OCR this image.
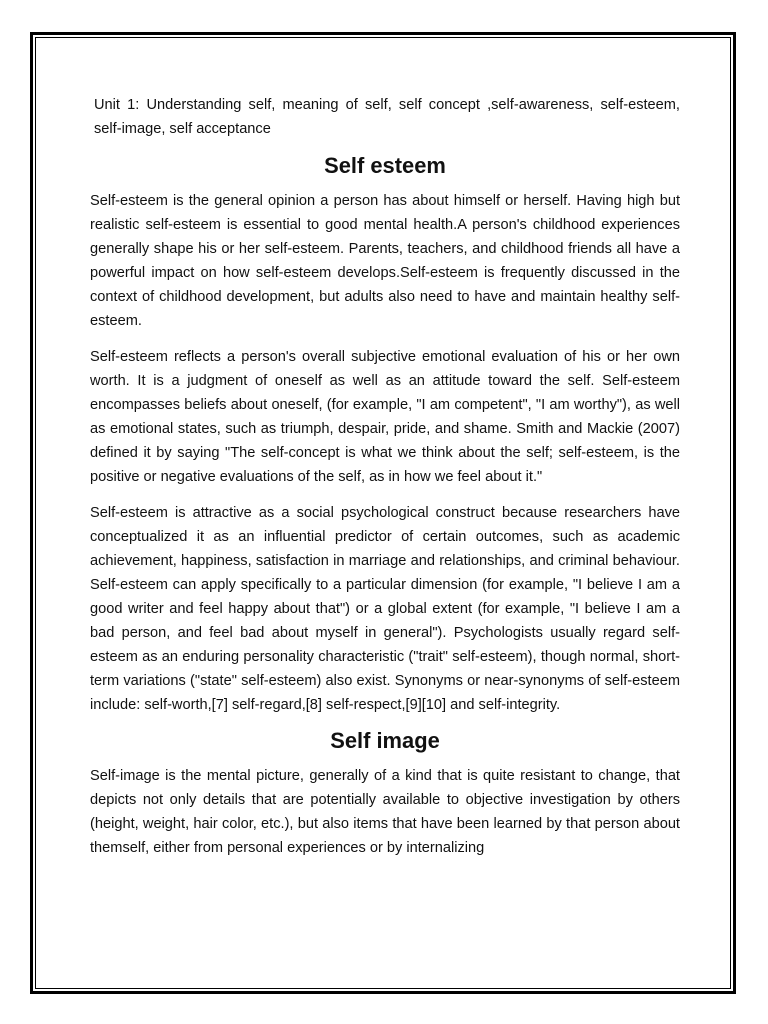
Unit 1: Understanding self, meaning of self, self concept ,self-awareness, self-esteem, self-image, self acceptance

Self esteem

Self-esteem is the general opinion a person has about himself or herself. Having high but realistic self-esteem is essential to good mental health.A person's childhood experiences generally shape his or her self-esteem. Parents, teachers, and childhood friends all have a powerful impact on how self-esteem develops.Self-esteem is frequently discussed in the context of childhood development, but adults also need to have and maintain healthy self-esteem.

Self-esteem reflects a person's overall subjective emotional evaluation of his or her own worth. It is a judgment of oneself as well as an attitude toward the self. Self-esteem encompasses beliefs about oneself, (for example, "I am competent", "I am worthy"), as well as emotional states, such as triumph, despair, pride, and shame. Smith and Mackie (2007) defined it by saying "The self-concept is what we think about the self; self-esteem, is the positive or negative evaluations of the self, as in how we feel about it."

Self-esteem is attractive as a social psychological construct because researchers have conceptualized it as an influential predictor of certain outcomes, such as academic achievement, happiness, satisfaction in marriage and relationships, and criminal behaviour. Self-esteem can apply specifically to a particular dimension (for example, "I believe I am a good writer and feel happy about that") or a global extent (for example, "I believe I am a bad person, and feel bad about myself in general"). Psychologists usually regard self-esteem as an enduring personality characteristic ("trait" self-esteem), though normal, short-term variations ("state" self-esteem) also exist. Synonyms or near-synonyms of self-esteem include: self-worth,[7] self-regard,[8] self-respect,[9][10] and self-integrity.

Self image

Self-image is the mental picture, generally of a kind that is quite resistant to change, that depicts not only details that are potentially available to objective investigation by others (height, weight, hair color, etc.), but also items that have been learned by that person about themself, either from personal experiences or by internalizing
